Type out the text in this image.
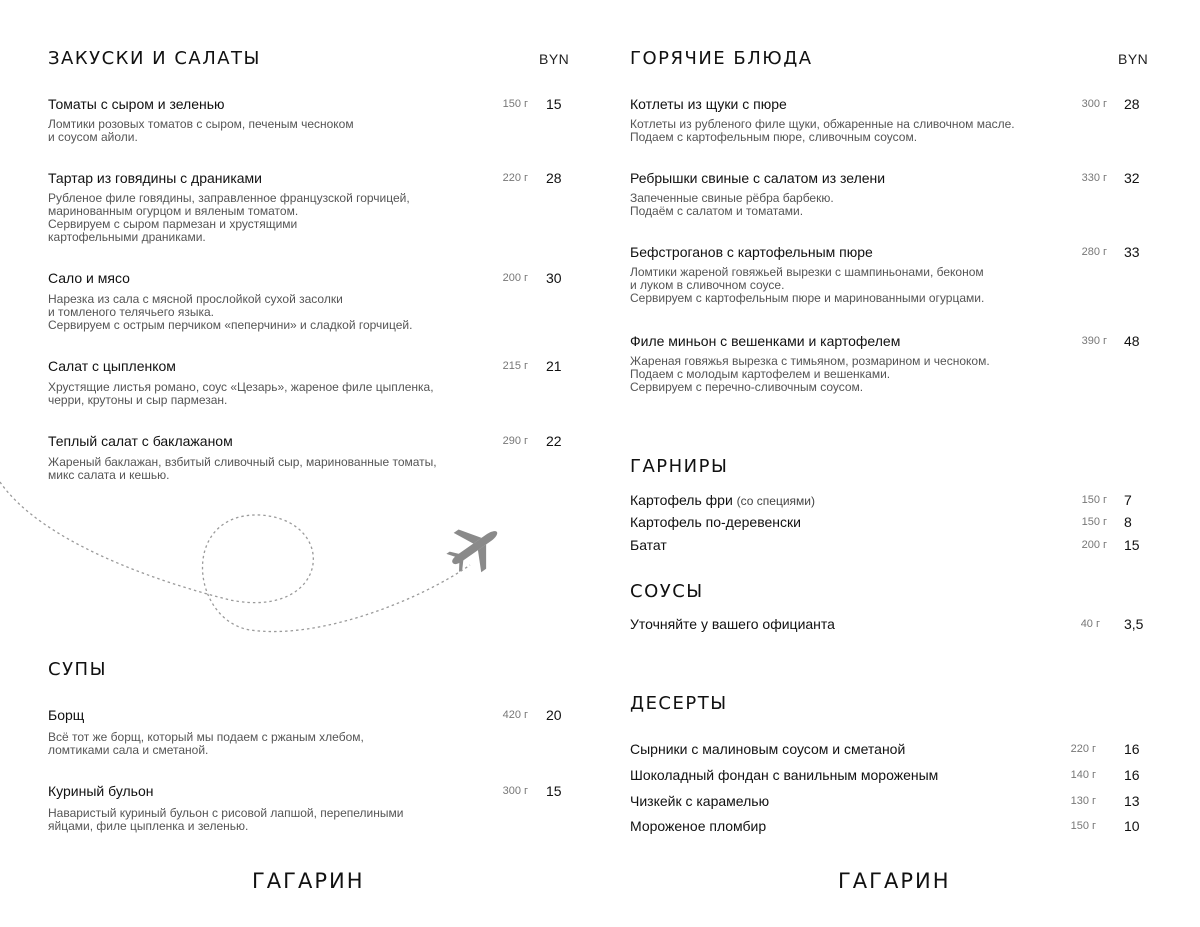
ЗАКУСКИ И САЛАТЫ	BYN
Томаты с сыром и зеленью	150 г 15
Ломтики розовых томатов с сыром, печеным чесноком
и соусом айоли.
Тартар из говядины с драниками	220 г 28
Рубленое филе говядины, заправленное французской горчицей,
маринованным огурцом и вяленым томатом.
Сервируем с сыром пармезан и хрустящими
картофельными драниками.
Сало и мясо	200 г 30
Нарезка из сала с мясной прослойкой сухой засолки
и томленого телячьего языка.
Сервируем с острым перчиком «пеперчини» и сладкой горчицей.
Салат с цыпленком	215 г 21
Хрустящие листья романо, соус «Цезарь», жареное филе цыпленка,
черри, крутоны и сыр пармезан.
Теплый салат с баклажаном	290 г 22
Жареный баклажан, взбитый сливочный сыр, маринованные томаты,
микс салата и кешью.
СУПЫ
Борщ	420 г 20
Всё тот же борщ, который мы подаем с ржаным хлебом,
ломтиками сала и сметаной.
Куриный бульон	300 г 15
Наваристый куриный бульон с рисовой лапшой, перепелиными
яйцами, филе цыпленка и зеленью.
ГАГАРИН
ГОРЯЧИЕ БЛЮДА	BYN
Котлеты из щуки с пюре	300 г 28
Котлеты из рубленого филе щуки, обжаренные на сливочном масле.
Подаем с картофельным пюре, сливочным соусом.
Ребрышки свиные с салатом из зелени	330 г 32
Запеченные свиные рёбра барбекю.
Подаём с салатом и томатами.
Бефстроганов с картофельным пюре	280 г 33
Ломтики жареной говяжьей вырезки с шампиньонами, беконом
и луком в сливочном соусе.
Сервируем с картофельным пюре и маринованными огурцами.
Филе миньон с вешенками и картофелем	390 г 48
Жареная говяжья вырезка с тимьяном, розмарином и чесноком.
Подаем с молодым картофелем и вешенками.
Сервируем с перечно-сливочным соусом.
ГАРНИРЫ
Картофель фри (со специями)	150 г 7
Картофель по-деревенски	150 г 8
Батат	200 г 15
СОУСЫ
Уточняйте у вашего официанта	40 г 3,5
ДЕСЕРТЫ
Сырники с малиновым соусом и сметаной	220 г 16
Шоколадный фондан с ванильным мороженым	140 г 16
Чизкейк с карамелью	130 г 13
Мороженое пломбир	150 г 10
ГАГАРИН
